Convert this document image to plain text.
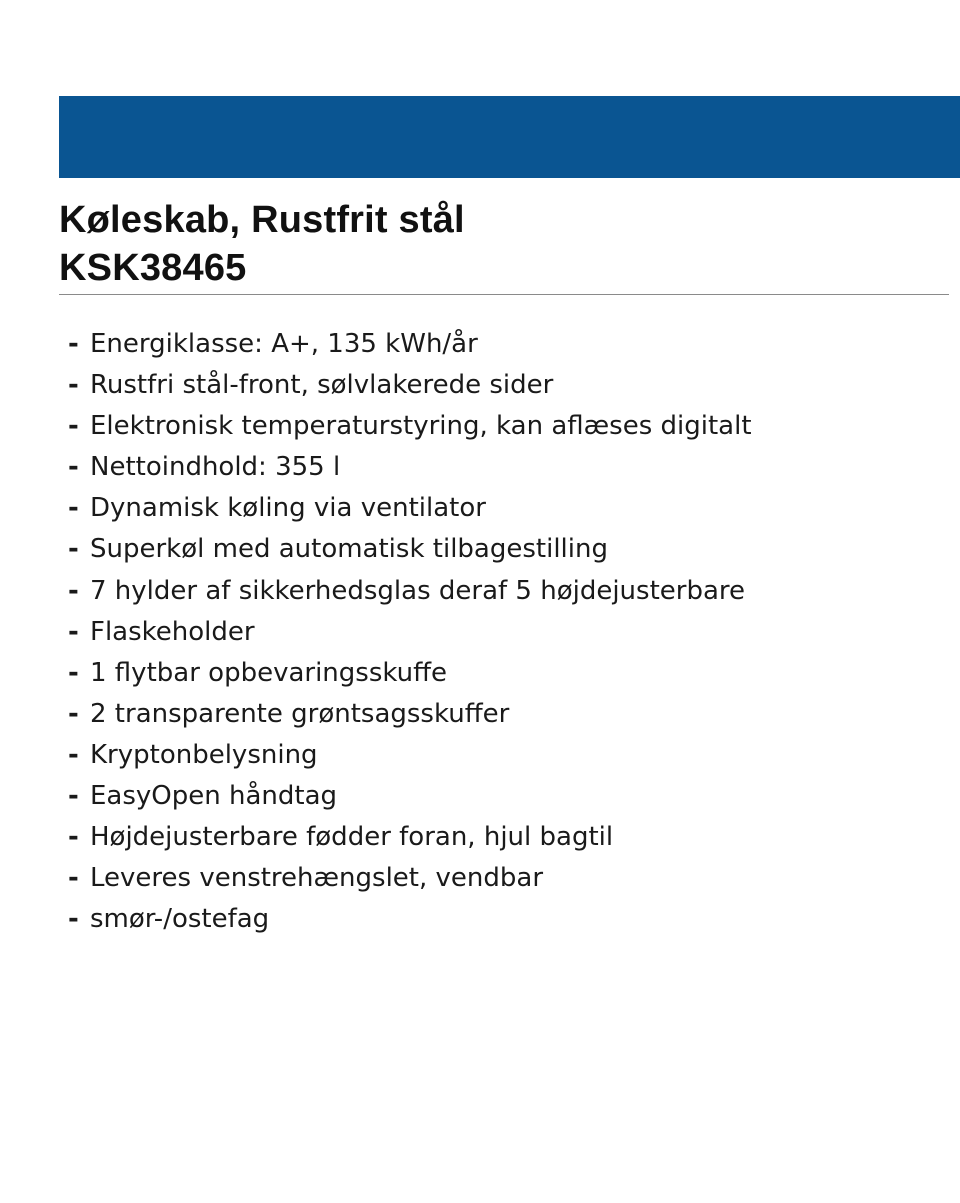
Køleskab, Rustfrit stål
KSK38465
- Energiklasse: A+, 135 kWh/år
- Rustfri stål-front, sølvlakerede sider
- Elektronisk temperaturstyring, kan aflæses digitalt
- Nettoindhold: 355 l
- Dynamisk køling via ventilator
- Superkøl med automatisk tilbagestilling
- 7 hylder af sikkerhedsglas deraf 5 højdejusterbare
- Flaskeholder
- 1 flytbar opbevaringsskuffe
- 2 transparente grøntsagsskuffer
- Kryptonbelysning
- EasyOpen håndtag
- Højdejusterbare fødder foran, hjul bagtil
- Leveres venstrehængslet, vendbar
- smør-/ostefag
